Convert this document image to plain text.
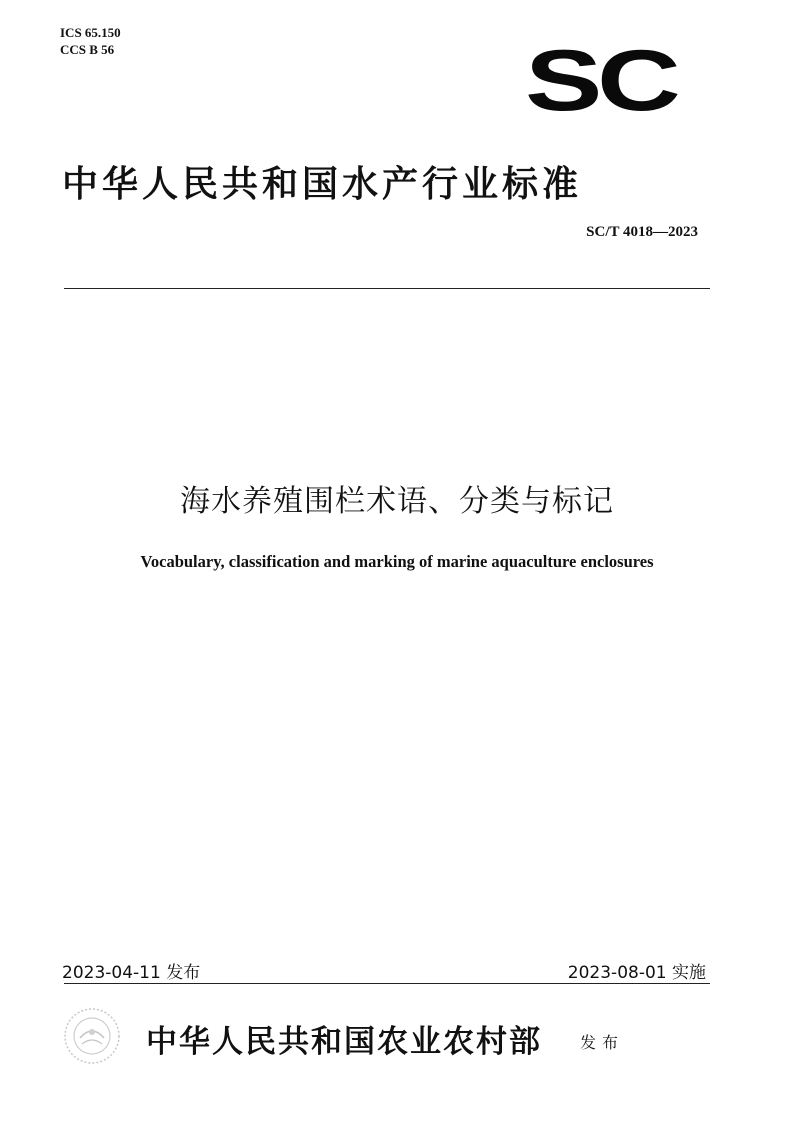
ICS 65.150
CCS B 56	SC
中华人民共和国水产行业标准
SC/T 4018—2023
海水养殖围栏术语、分类与标记
Vocabulary, classification and marking of marine aquaculture enclosures
2023-04-11 发布	2023-08-01 实施
中华人民共和国农业农村部 发布
